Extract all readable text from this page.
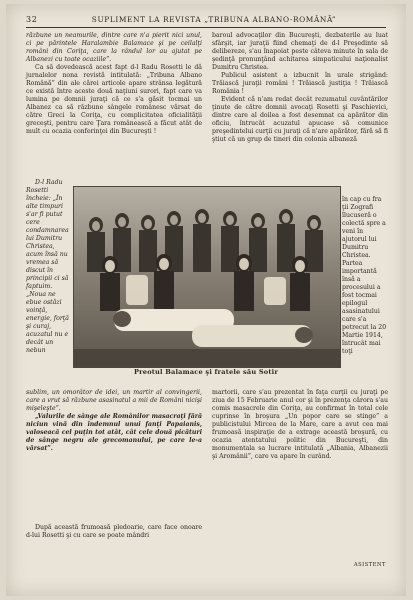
32	SUPLIMENT LA REVISTA „TRIBUNA ALBANO-ROMÂNĂ”

răzbune un neamurile, dintre care n'a pierit nici unul, ci pe părintele Haralambie Balamace şi pe ceilalţi români din Coriţa, care la rândul lor au ajutat pe Albanezi cu toate ocaziile”.

Ca să dovedească acest fapt d-l Radu Rosetti le dă jurnalelor nona revistă intitulată: „Tribuna Albano Română” din ale cărei articole apare strânsa legătură ce există între aceste două naţiuni surori, fapt care va lumina pe domnii juraţi că ce s'a găsit tocmai un Albanez ca să răzbune sângele românesc vărsat de către Greci la Coriţa, cu complicitatea oficialităţii greceşti, pentru care Ţara românească a făcut atât de mult cu ocazia conferinţei din Bucureşti !

D-l Radu Rosetti încheie: „În alte timpuri s'ar fi putut cere condamnarea lui Dumitru Christea, acum însă nu vremea să discut în principii ci să faptuim. „Noua ne ebue ostăzi voinţă, energie, forţă şi curaj, acuzatul nu e decât un nebun

Preotul Balamace şi fratele său Sotir

baroul advocaţilor din Bucureşti, dezbaterile au luat sfârşit, iar juraţii fiind chemaţi de d-l Preşedinte să delibereze, s'au înapoiat peste câteva minute în sala de şedinţă pronunţând achitarea simpaticului naţionalist Dumitru Christea.

Publicul asistent a izbucnit în urale strigând: Trăiască juraţii români ! Trăiască justiţia ! Trăiască România !

Evident că n'am redat decât rezumatul cuvântărilor ţinute de către domnii avocaţi Rosetti şi Paschievici, dintre care al doilea a fost desemnat ca apărător din oficiu, întrucât acuzatul apucase să comunice preşedintelui curţii cu juraţi că n'are apărător, fără să fi ştiut că un grup de tineri din colonia albaneză

în cap cu fra ţii Zografi îlucuseră o colectă spre a veni în ajutorul lui Dumitru Christea. Partea importantă însă a procesului a fost tocmai epilogul asasinatului care s'a petrecut la 20 Martie 1914, întrucât mai toţi

sublim, un omorâtor de idei, un martir al convingerii, care a vrut să răzbune asasinatul a mii de Români nicişi mişeleşte”.

„Valurile de sânge ale Românilor masacraţi fără niciun vină din îndemnul unui fanţi Papaianis, valoseacă cel puţin tot atât, cât cele două picături de sânge negru ale grecomanului, pe care le-a vărsat”.

După această frumoasă pledoarie, care face onoare d-lui Rosetti şi cu care se poate mândri

martorii, care s'au prezentat în faţa curţii cu juraţi pe ziua de 15 Februarie anul cor şi în prezenţa cărora s'au comis masacrele din Coriţa, au confirmat în total cele cuprinse în broşura „Un popor care se stinge” a publicistului Mircea de la Mare, care a avut cea mai frumoasă inspiraţie de a extrage această broşură, cu ocazia atentatului politic din Bucureşti, din monumentala sa lucrare intitulată „Albania, Albanezii şi Aromânii”, care va apare în curând.

ASISTENT
